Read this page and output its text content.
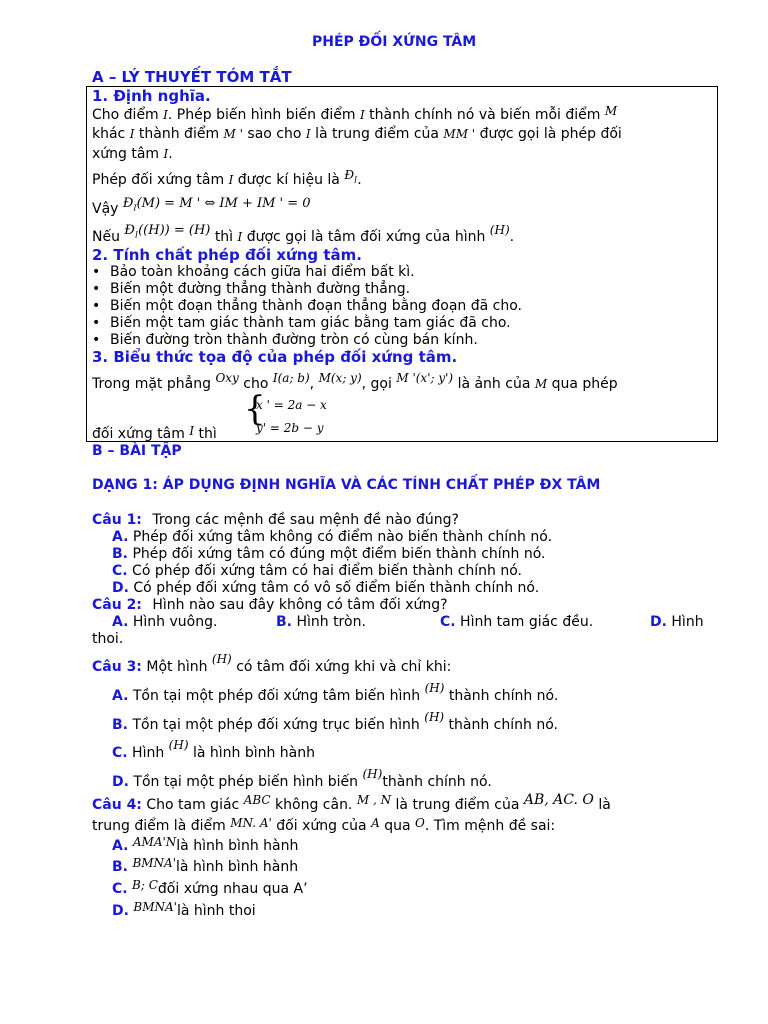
PHÉP ĐỐI XỨNG TÂM
A – LÝ THUYẾT TÓM TẮT
1. Định nghĩa.
Cho điểm I. Phép biến hình biến điểm I thành chính nó và biến mỗi điểm M
khác I thành điểm M ' sao cho I là trung điểm của MM ' được gọi là phép đối
xứng tâm I.
Phép đối xứng tâm I được kí hiệu là $Đ_I$.
Vậy $Đ_I(M) = M$ ' ⇔ IM + IM ' = 0
Nếu $Đ_I((H)) = (H)$ thì I được gọi là tâm đối xứng của hình (H).
2. Tính chất phép đối xứng tâm.
• Bảo toàn khoảng cách giữa hai điểm bất kì.
• Biến một đường thẳng thành đường thẳng.
• Biến một đoạn thẳng thành đoạn thẳng bằng đoạn đã cho.
• Biến một tam giác thành tam giác bằng tam giác đã cho.
• Biến đường tròn thành đường tròn có cùng bán kính.
3. Biểu thức tọa độ của phép đối xứng tâm.
Trong mặt phẳng Oxy cho I(a; b), M(x; y), gọi M '(x'; y') là ảnh của M qua phép
đối xứng tâm I thì
{
x ' = 2a − x
y' = 2b − y
B – BÀI TẬP
DẠNG 1: ÁP DỤNG ĐỊNH NGHĨA VÀ CÁC TÍNH CHẤT PHÉP ĐX TÂM
Câu 1: Trong các mệnh đề sau mệnh đề nào đúng?
A. Phép đối xứng tâm không có điểm nào biến thành chính nó.
B. Phép đối xứng tâm có đúng một điểm biến thành chính nó.
C. Có phép đối xứng tâm có hai điểm biến thành chính nó.
D. Có phép đối xứng tâm có vô số điểm biến thành chính nó.
Câu 2: Hình nào sau đây không có tâm đối xứng?
A. Hình vuông.	B. Hình tròn.	C. Hình tam giác đều.	D. Hình
thoi.
Câu 3: Một hình (H) có tâm đối xứng khi và chỉ khi:
A. Tồn tại một phép đối xứng tâm biến hình (H) thành chính nó.
B. Tồn tại một phép đối xứng trục biến hình (H) thành chính nó.
C. Hình (H) là hình bình hành
D. Tồn tại một phép biến hình biến (H)thành chính nó.
Câu 4: Cho tam giác ABC không cân. M , N là trung điểm của AB, AC. O là
trung điểm là điểm MN. A' đối xứng của A qua O. Tìm mệnh đề sai:
A. AMA'Nlà hình bình hành
B. BMNA'là hình bình hành
C. B; Cđối xứng nhau qua A’
D. BMNA'là hình thoi
